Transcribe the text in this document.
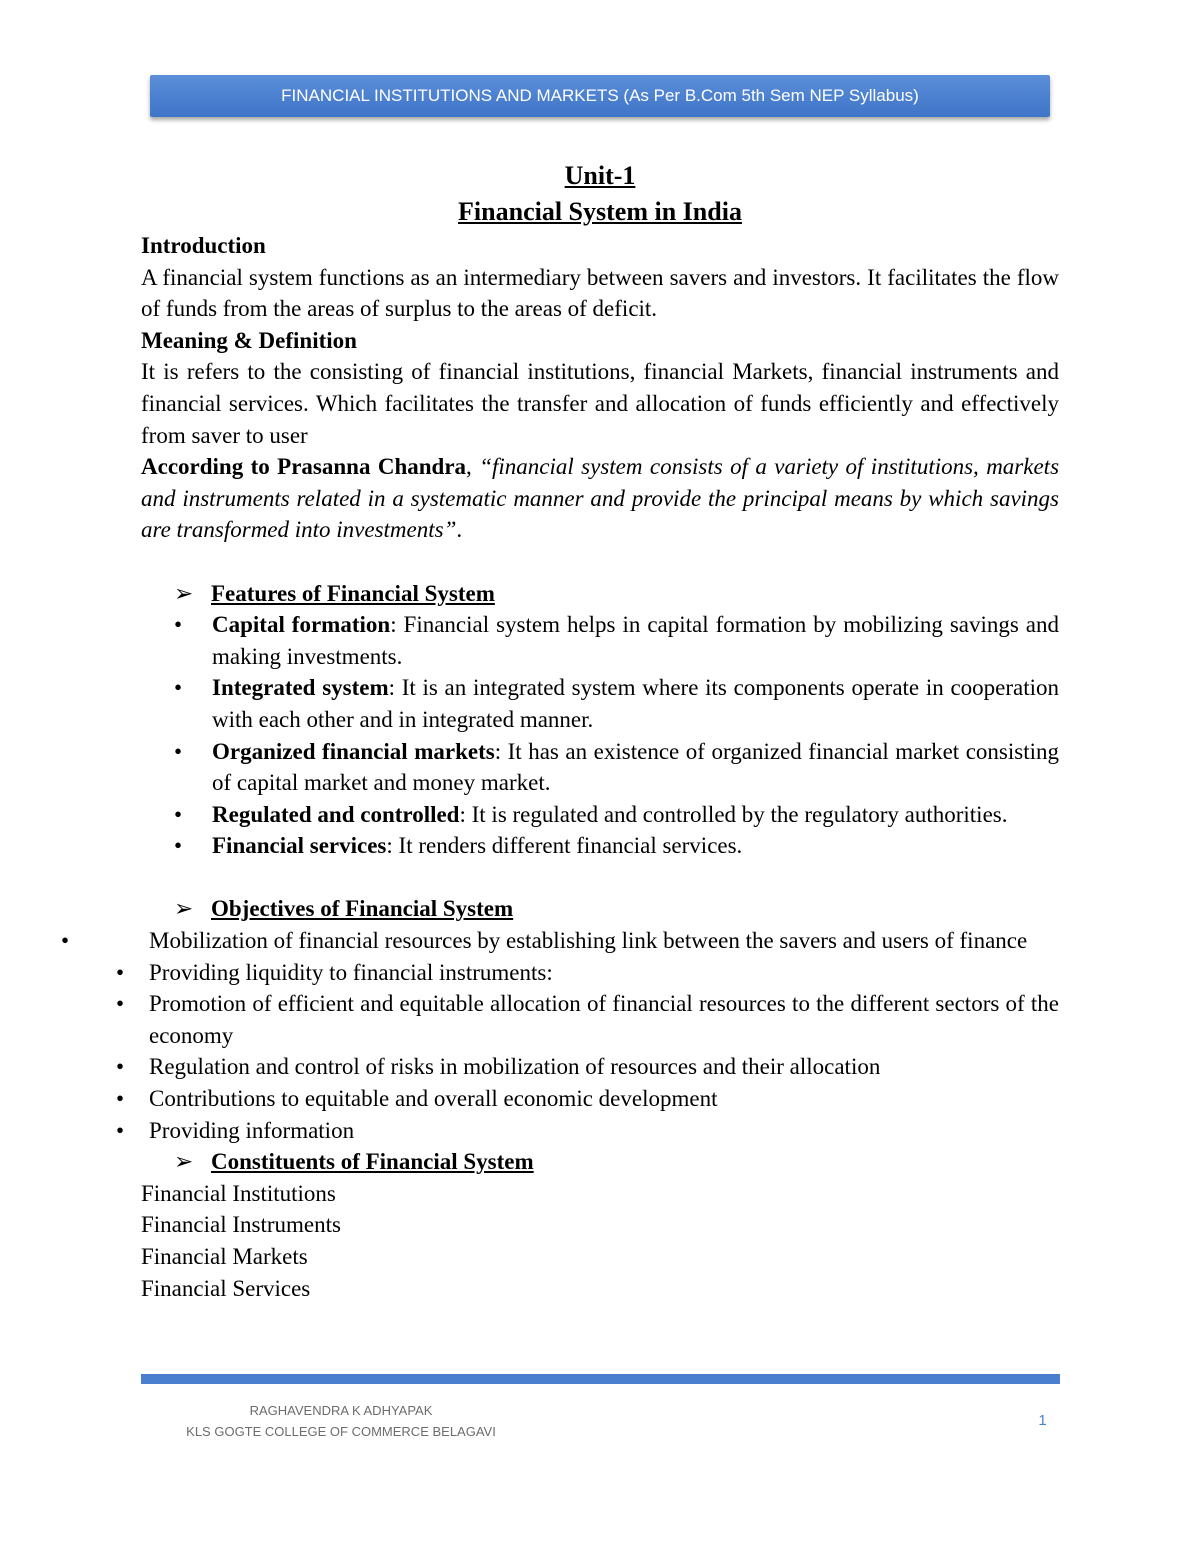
FINANCIAL INSTITUTIONS AND MARKETS (As Per B.Com 5th Sem NEP Syllabus)
Unit-1
Financial System in India

Introduction

A financial system functions as an intermediary between savers and investors. It facilitates the flow of funds from the areas of surplus to the areas of deficit.

Meaning & Definition

It is refers to the consisting of financial institutions, financial Markets, financial instruments and financial services. Which facilitates the transfer and allocation of funds efficiently and effectively from saver to user

According to Prasanna Chandra, “financial system consists of a variety of institutions, markets and instruments related in a systematic manner and provide the principal means by which savings are transformed into investments”.

➢ Features of Financial System

• Capital formation: Financial system helps in capital formation by mobilizing savings and making investments.
• Integrated system: It is an integrated system where its components operate in cooperation with each other and in integrated manner.
• Organized financial markets: It has an existence of organized financial market consisting of capital market and money market.
• Regulated and controlled: It is regulated and controlled by the regulatory authorities.
• Financial services: It renders different financial services.

➢ Objectives of Financial System

•	Mobilization of financial resources by establishing link between the savers and users of finance
• Providing liquidity to financial instruments:
• Promotion of efficient and equitable allocation of financial resources to the different sectors of the economy
• Regulation and control of risks in mobilization of resources and their allocation
• Contributions to equitable and overall economic development
• Providing information

➢ Constituents of Financial System

Financial Institutions

Financial Instruments

Financial Markets

Financial Services

RAGHAVENDRA K ADHYAPAK
KLS GOGTE COLLEGE OF COMMERCE BELAGAVI
1
